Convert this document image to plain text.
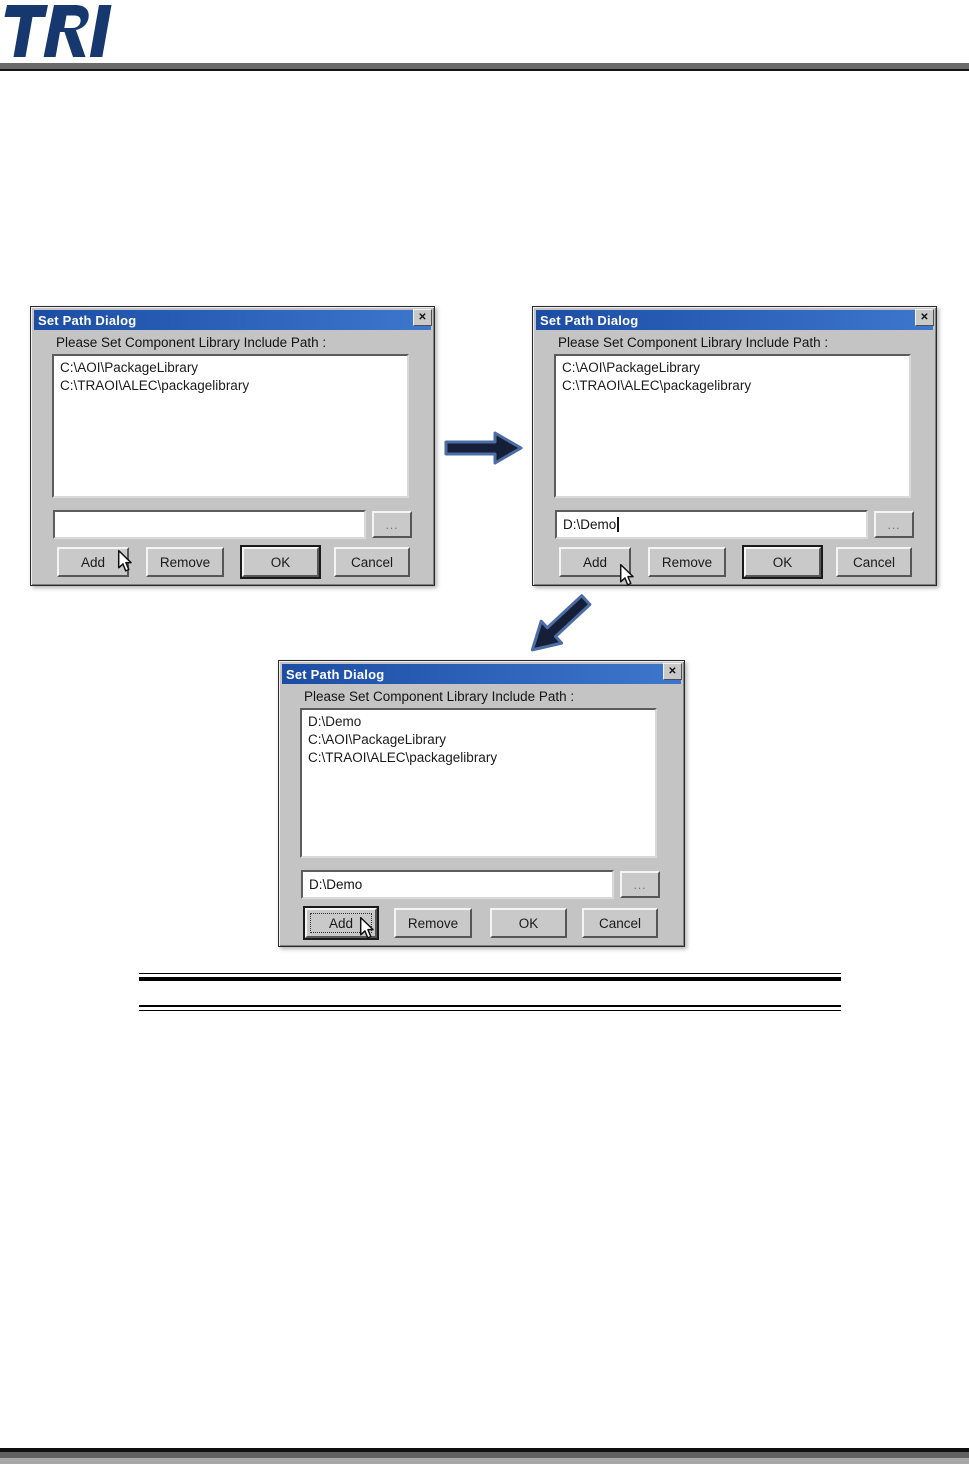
Set Path Dialog	✕
Please Set Component Library Include Path :
C:\AOI\PackageLibrary
C:\TRAOI\ALEC\packagelibrary
...
Add	Remove	OK	Cancel
Set Path Dialog	✕
Please Set Component Library Include Path :
C:\AOI\PackageLibrary
C:\TRAOI\ALEC\packagelibrary
D:\Demo	...
Add	Remove	OK	Cancel
Set Path Dialog	✕
Please Set Component Library Include Path :
D:\Demo
C:\AOI\PackageLibrary
C:\TRAOI\ALEC\packagelibrary
D:\Demo	...
Add	Remove	OK	Cancel
